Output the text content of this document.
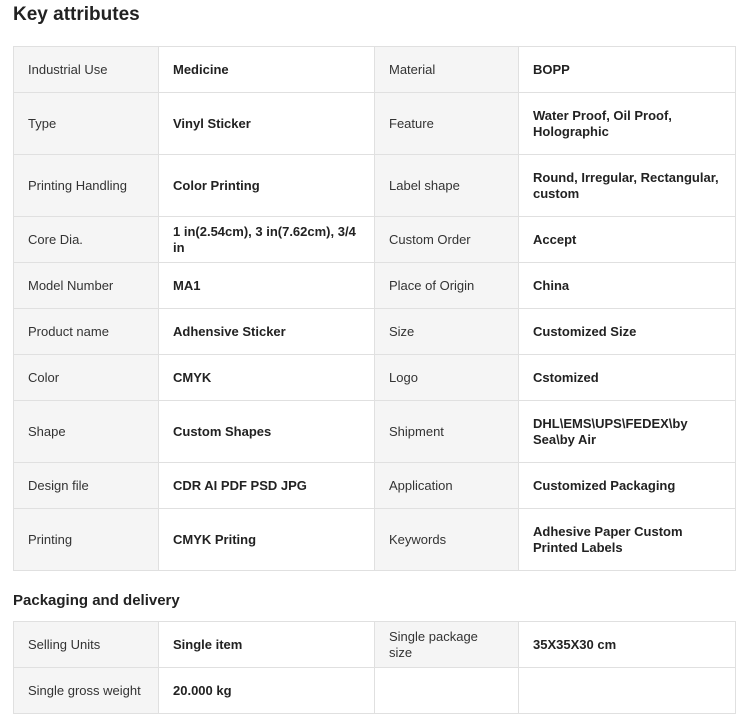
Key attributes
Industrial Use	Medicine	Material	BOPP
Type	Vinyl Sticker	Feature	Water Proof, Oil Proof, Holographic
Printing Handling	Color Printing	Label shape	Round, Irregular, Rectangular, custom
Core Dia.	1 in(2.54cm), 3 in(7.62cm), 3/4 in	Custom Order	Accept
Model Number	MA1	Place of Origin	China
Product name	Adhensive Sticker	Size	Customized Size
Color	CMYK	Logo	Cstomized
Shape	Custom Shapes	Shipment	DHL\EMS\UPS\FEDEX\by Sea\by Air
Design file	CDR AI PDF PSD JPG	Application	Customized Packaging
Printing	CMYK Priting	Keywords	Adhesive Paper Custom Printed Labels
Packaging and delivery
Selling Units	Single item	Single package size	35X35X30 cm
Single gross weight	20.000 kg		
